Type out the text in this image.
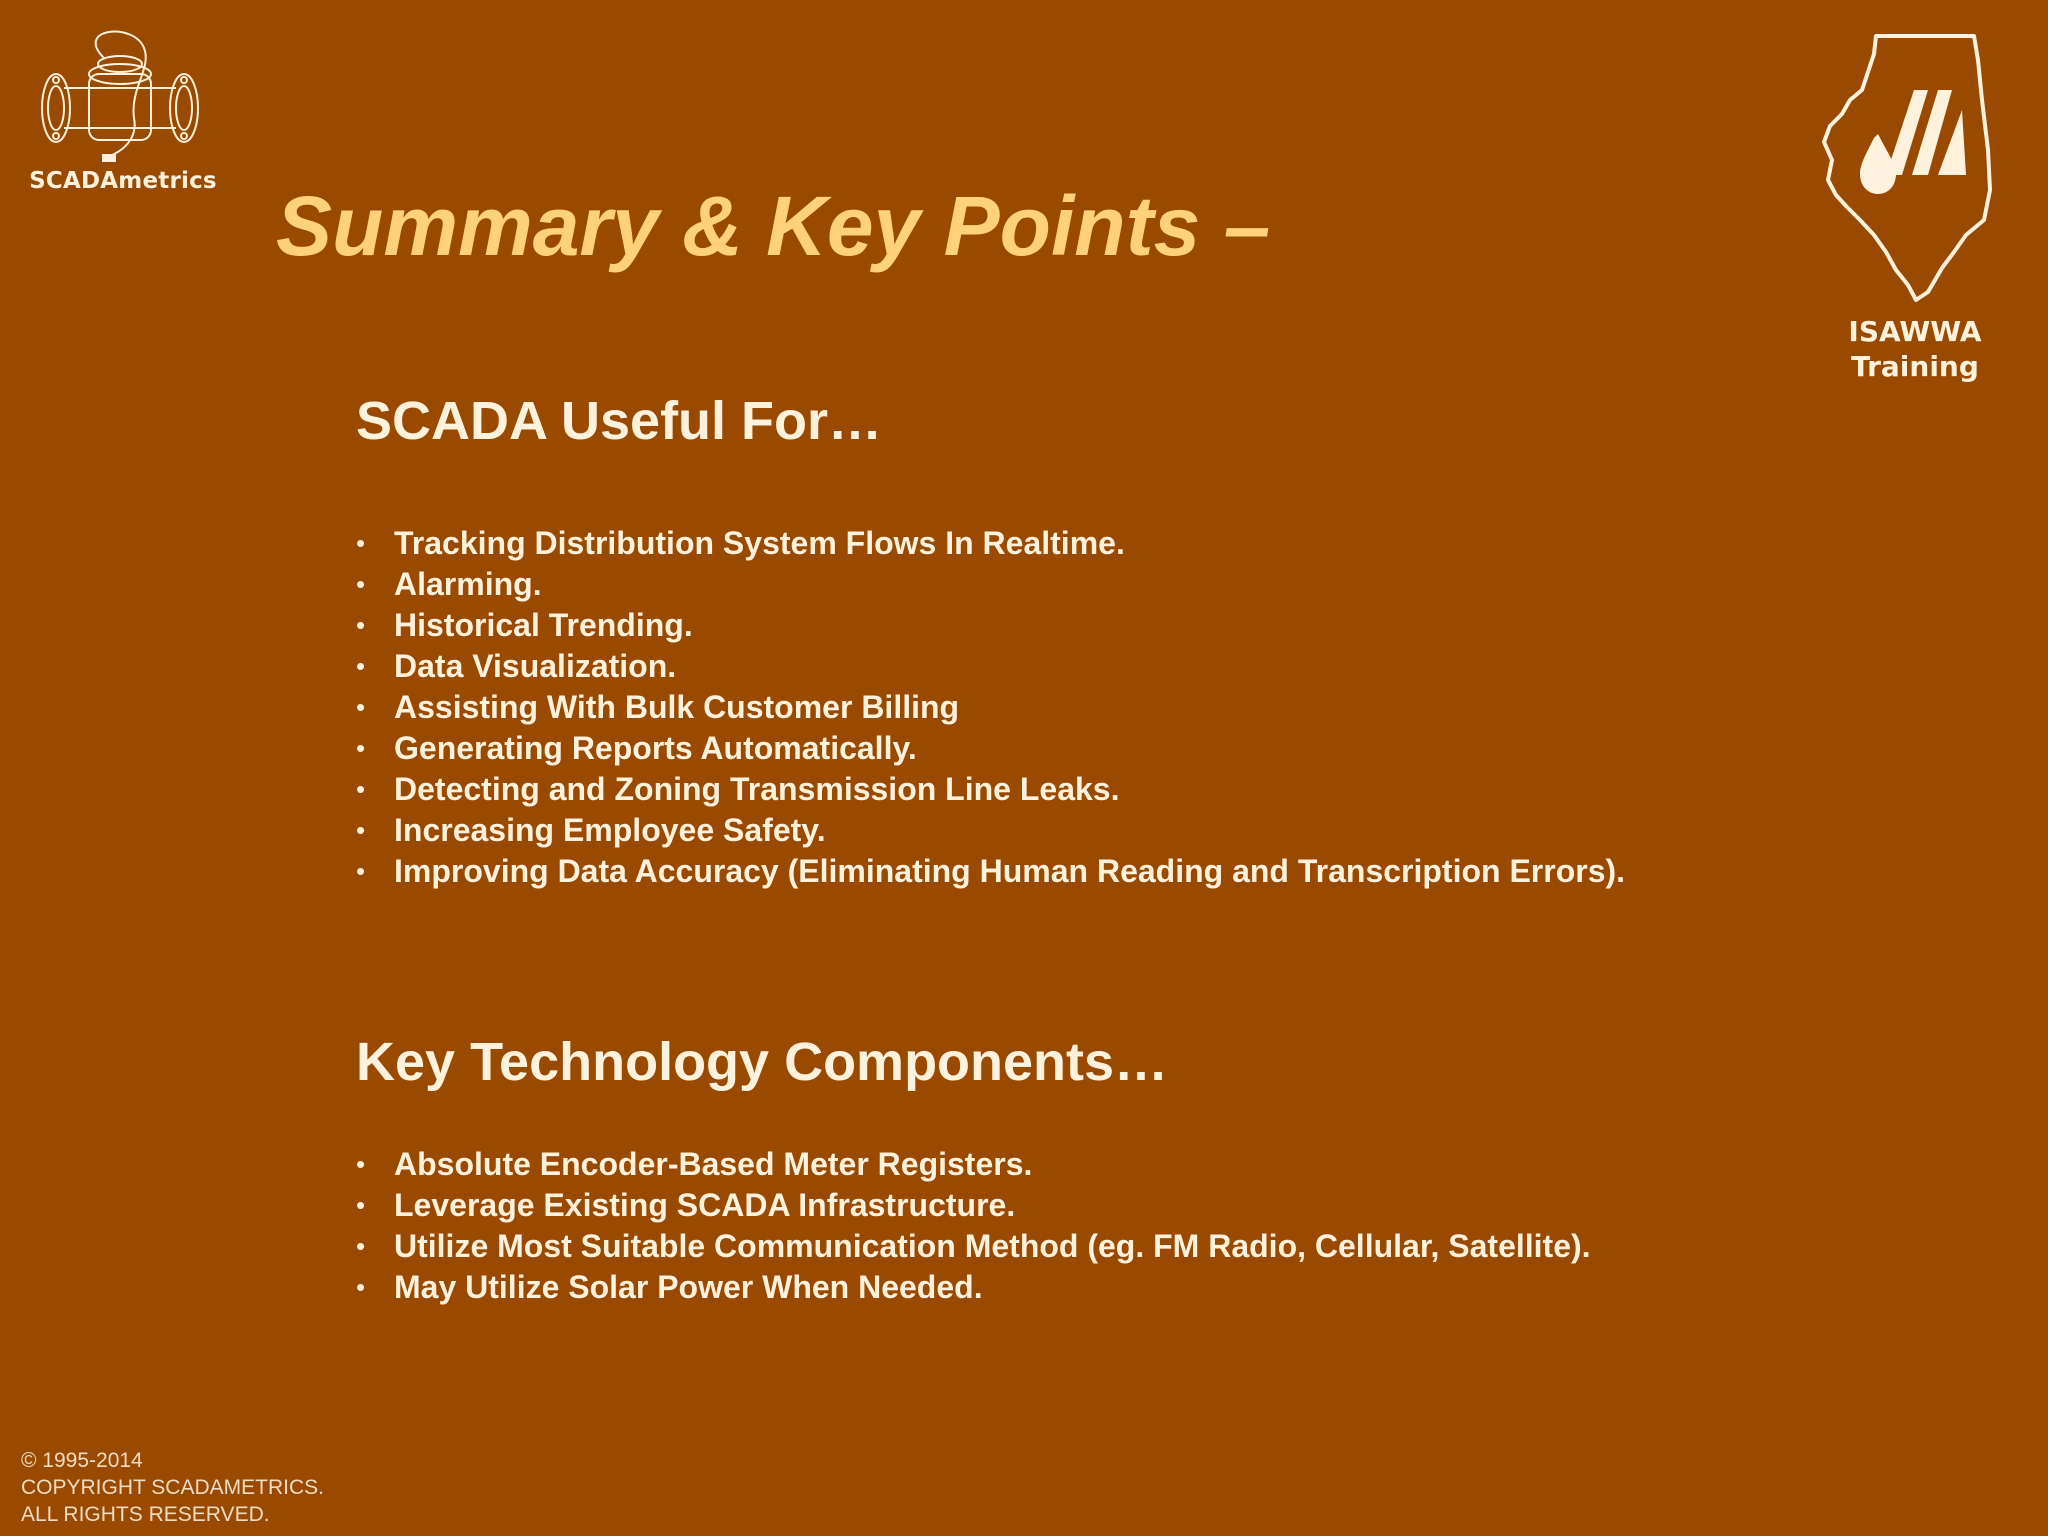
SCADAmetrics
ISAWWA
Training
Summary & Key Points –
SCADA Useful For…
• Tracking Distribution System Flows In Realtime.
• Alarming.
• Historical Trending.
• Data Visualization.
• Assisting With Bulk Customer Billing
• Generating Reports Automatically.
• Detecting and Zoning Transmission Line Leaks.
• Increasing Employee Safety.
• Improving Data Accuracy (Eliminating Human Reading and Transcription Errors).
Key Technology Components…
• Absolute Encoder-Based Meter Registers.
• Leverage Existing SCADA Infrastructure.
• Utilize Most Suitable Communication Method (eg. FM Radio, Cellular, Satellite).
• May Utilize Solar Power When Needed.
© 1995-2014
COPYRIGHT SCADAMETRICS.
ALL RIGHTS RESERVED.
